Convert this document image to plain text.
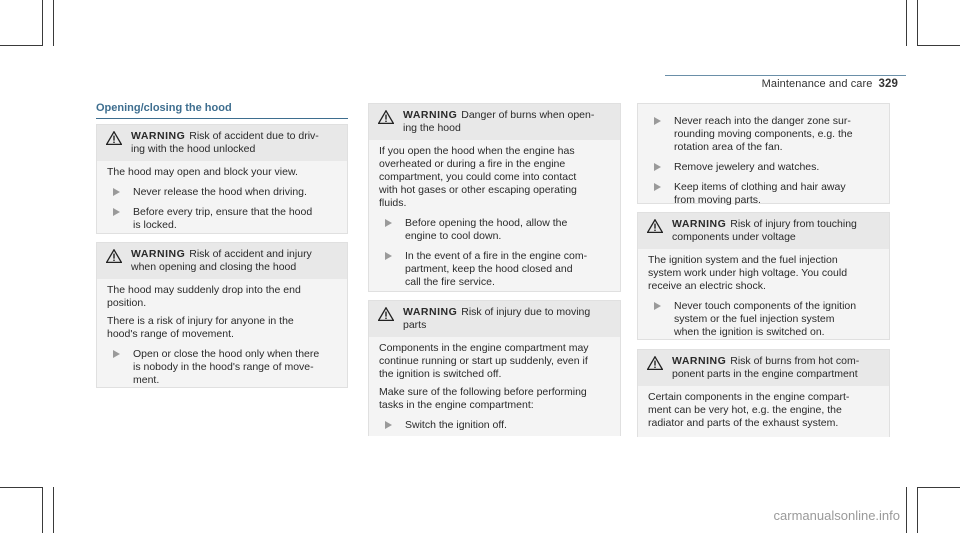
Maintenance and care 329
Opening/closing the hood
WARNING Risk of accident due to driv-
ing with the hood unlocked

The hood may open and block your view.

Never release the hood when driving.
Before every trip, ensure that the hood
is locked.
WARNING Risk of accident and injury
when opening and closing the hood

The hood may suddenly drop into the end
position.

There is a risk of injury for anyone in the
hood's range of movement.

Open or close the hood only when there
is nobody in the hood's range of move-
ment.
WARNING Danger of burns when open-
ing the hood

If you open the hood when the engine has
overheated or during a fire in the engine
compartment, you could come into contact
with hot gases or other escaping operating
fluids.

Before opening the hood, allow the
engine to cool down.
In the event of a fire in the engine com-
partment, keep the hood closed and
call the fire service.
WARNING Risk of injury due to moving
parts

Components in the engine compartment may
continue running or start up suddenly, even if
the ignition is switched off.

Make sure of the following before performing
tasks in the engine compartment:

Switch the ignition off.
Never reach into the danger zone sur-
rounding moving components, e.g. the
rotation area of the fan.
Remove jewelery and watches.
Keep items of clothing and hair away
from moving parts.
WARNING Risk of injury from touching
components under voltage

The ignition system and the fuel injection
system work under high voltage. You could
receive an electric shock.

Never touch components of the ignition
system or the fuel injection system
when the ignition is switched on.
WARNING Risk of burns from hot com-
ponent parts in the engine compartment

Certain components in the engine compart-
ment can be very hot, e.g. the engine, the
radiator and parts of the exhaust system.

carmanualsonline.info
